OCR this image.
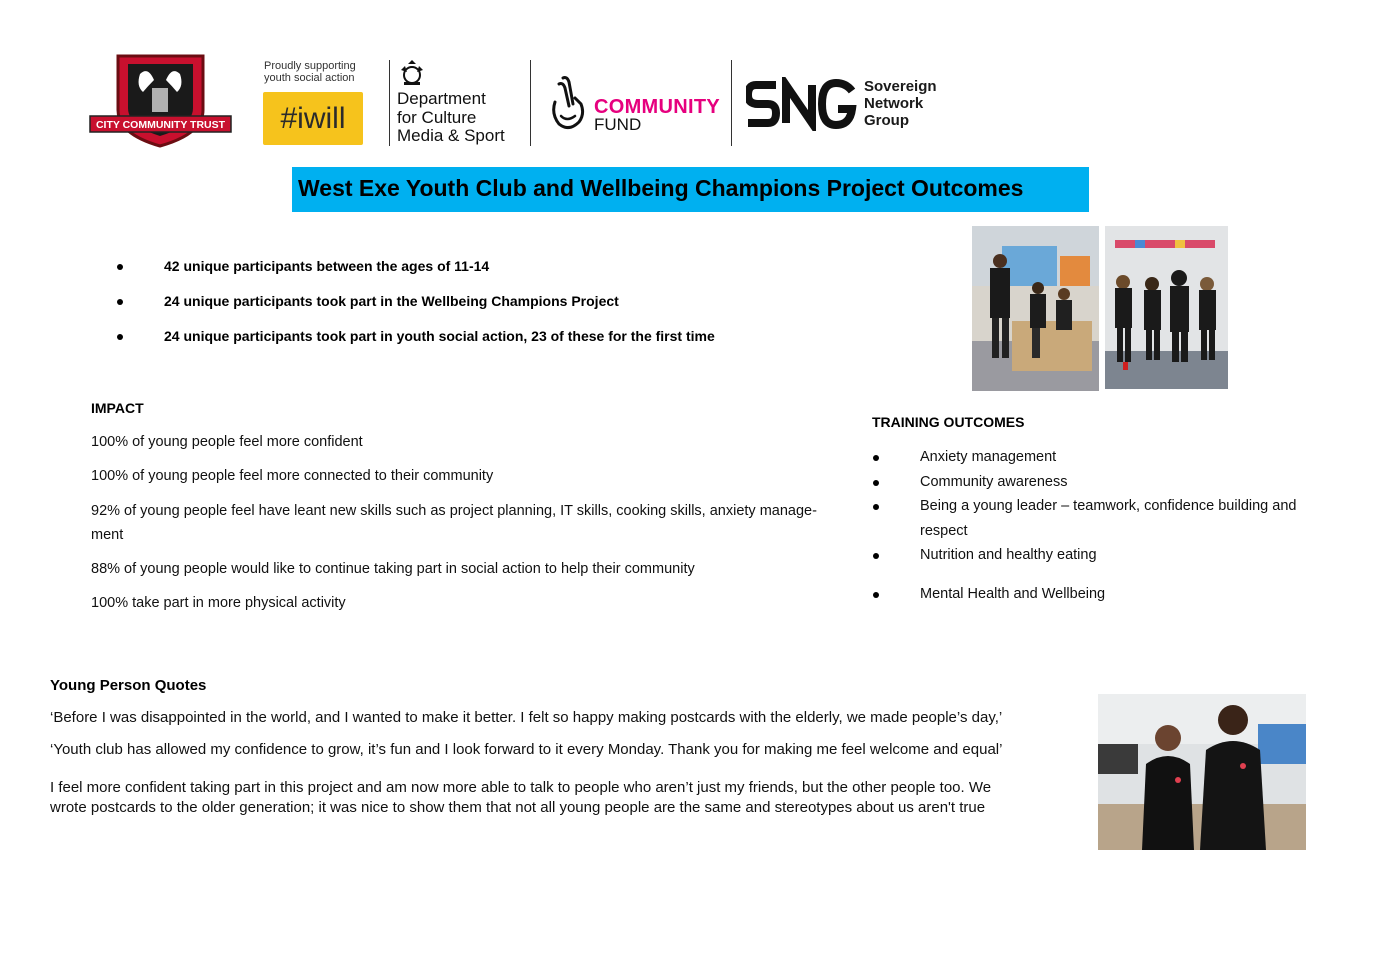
CITY COMMUNITY TRUST
Proudly supporting youth social action
#iwill
Department
for Culture
Media & Sport
COMMUNITY
FUND
Sovereign
Network
Group
West Exe Youth Club and Wellbeing Champions Project Outcomes
42 unique participants between the ages of 11-14
24 unique participants took part in the Wellbeing Champions Project
24 unique participants took part in youth social action, 23 of these for the first time
IMPACT
100% of young people feel more confident
100% of young people feel more connected to their community
92% of young people feel have leant new skills such as project planning, IT skills, cooking skills, anxiety manage-
ment
88% of young people would like to continue taking part in social action to help their community
100% take part in more physical activity
TRAINING OUTCOMES
Anxiety management
Community awareness
Being a young leader – teamwork, confidence building and
respect
Nutrition and healthy eating
Mental Health and Wellbeing
Young Person Quotes
‘Before I was disappointed in the world, and I wanted to make it better. I felt so happy making postcards with the elderly, we made people’s day,’
‘Youth club has allowed my confidence to grow, it’s fun and I look forward to it every Monday. Thank you for making me feel welcome and equal’
I feel more confident taking part in this project and am now more able to talk to people who aren’t just my friends, but the other people too. We
wrote postcards to the older generation; it was nice to show them that not all young people are the same and stereotypes about us aren't true
